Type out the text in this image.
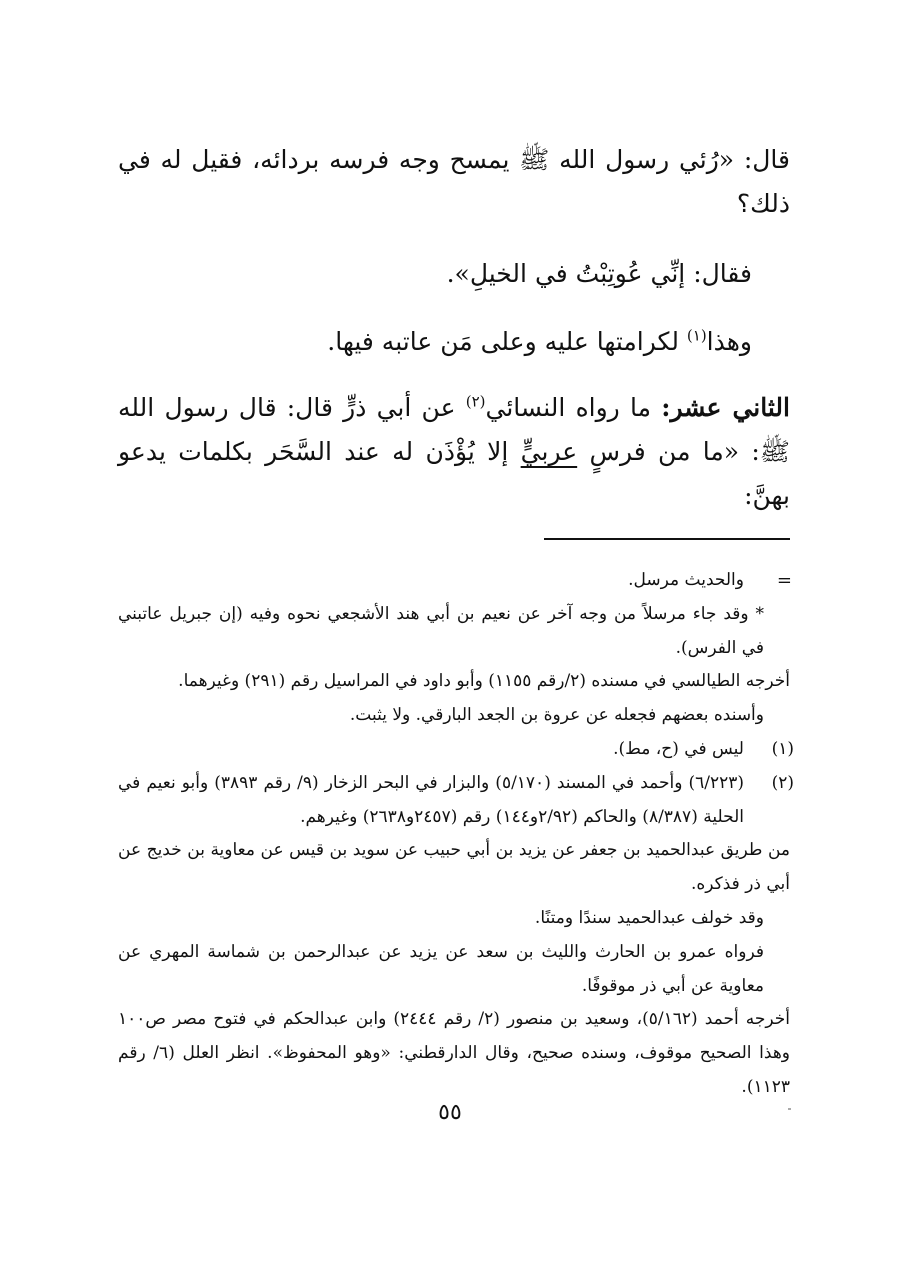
قال: «رُئي رسول الله ﷺ يمسح وجه فرسه بردائه، فقيل له في ذلك؟

فقال: إنِّي عُوتِبْتُ في الخيلِ».

وهذا$^{(١)}$ لكرامتها عليه وعلى مَن عاتبه فيها.

الثاني عشر: ما رواه النسائي$^{(٢)}$ عن أبي ذرٍّ قال: قال رسول الله ﷺ: «ما من فرسٍ عربيٍّ إلا يُؤْذَن له عند السَّحَر بكلمات يدعو بهنَّ:

=
والحديث مرسل.

* وقد جاء مرسلاً من وجه آخر عن نعيم بن أبي هند الأشجعي نحوه وفيه (إن جبريل عاتبني في الفرس).

أخرجه الطيالسي في مسنده (٢/رقم ١١٥٥) وأبو داود في المراسيل رقم (٢٩١) وغيرهما.

وأسنده بعضهم فجعله عن عروة بن الجعد البارقي. ولا يثبت.

(١)
ليس في (ح، مط).

(٢)
(٦/٢٢٣) وأحمد في المسند (٥/١٧٠) والبزار في البحر الزخار (٩/ رقم ٣٨٩٣) وأبو نعيم في الحلية (٨/٣٨٧) والحاكم (٢/٩٢و١٤٤) رقم (٢٤٥٧و٢٦٣٨) وغيرهم.

من طريق عبدالحميد بن جعفر عن يزيد بن أبي حبيب عن سويد بن قيس عن معاوية بن خديج عن أبي ذر فذكره.

وقد خولف عبدالحميد سندًا ومتنًا.

فرواه عمرو بن الحارث والليث بن سعد عن يزيد عن عبدالرحمن بن شماسة المهري عن معاوية عن أبي ذر موقوفًا.

أخرجه أحمد (٥/١٦٢)، وسعيد بن منصور (٢/ رقم ٢٤٤٤) وابن عبدالحكم في فتوح مصر ص١٠٠ وهذا الصحيح موقوف، وسنده صحيح، وقال الدارقطني: «وهو المحفوظ». انظر العلل (٦/ رقم ١١٢٣).

٥٥
